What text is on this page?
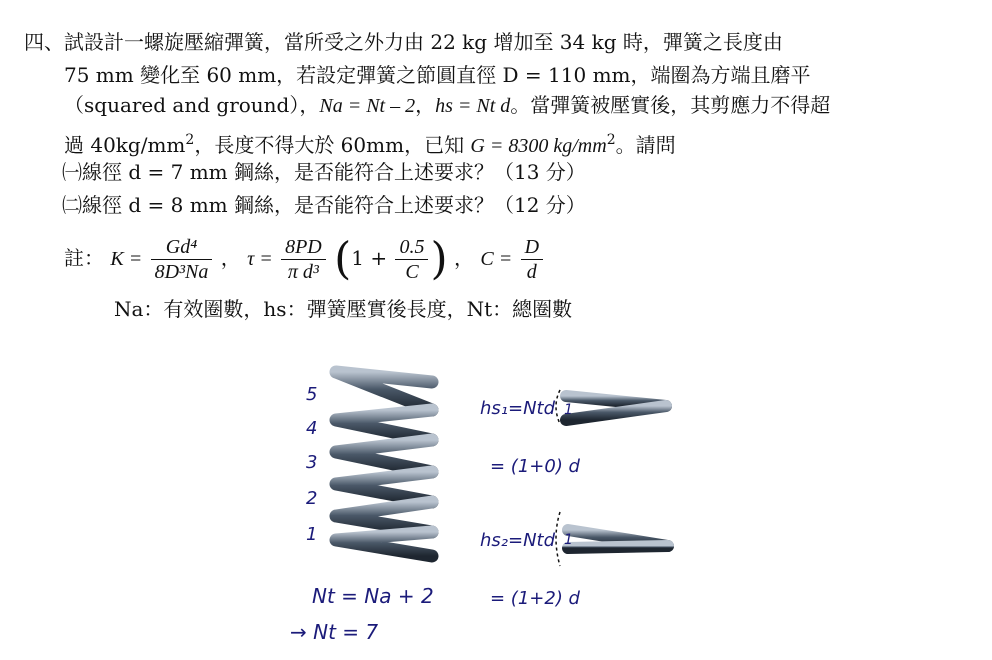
四、 試設計一螺旋壓縮彈簧，當所受之外力由 22 kg 增加至 34 kg 時，彈簧之長度由
75 mm 變化至 60 mm，若設定彈簧之節圓直徑 D = 110 mm，端圈為方端且磨平
（squared and ground），Na = Nt – 2，hs = Nt d。當彈簧被壓實後，其剪應力不得超
過 $40kg/mm^2$，長度不得大於 60mm，已知 G = 8300 $kg/mm^2$。請問
㈠線徑 d = 7 mm 鋼絲，是否能符合上述要求？（13 分）
㈡線徑 d = 8 mm 鋼絲，是否能符合上述要求？（12 分）
註： $K = \frac{\text{Gd⁴}}{\text{8D³Na}}$ ， $\tau = \frac{8PD}{\text{π d³}} (1 + \frac{0.5}{C}$ ) ， $C = \frac{D}{d}$
Na：有效圈數，hs：彈簧壓實後長度，Nt：總圈數
5
4
3
2
1
hs₁=Ntd 1
= (1+0) d
hs₂=Ntd 1
= (1+2) d
Nt = Na + 2
→ Nt = 7
